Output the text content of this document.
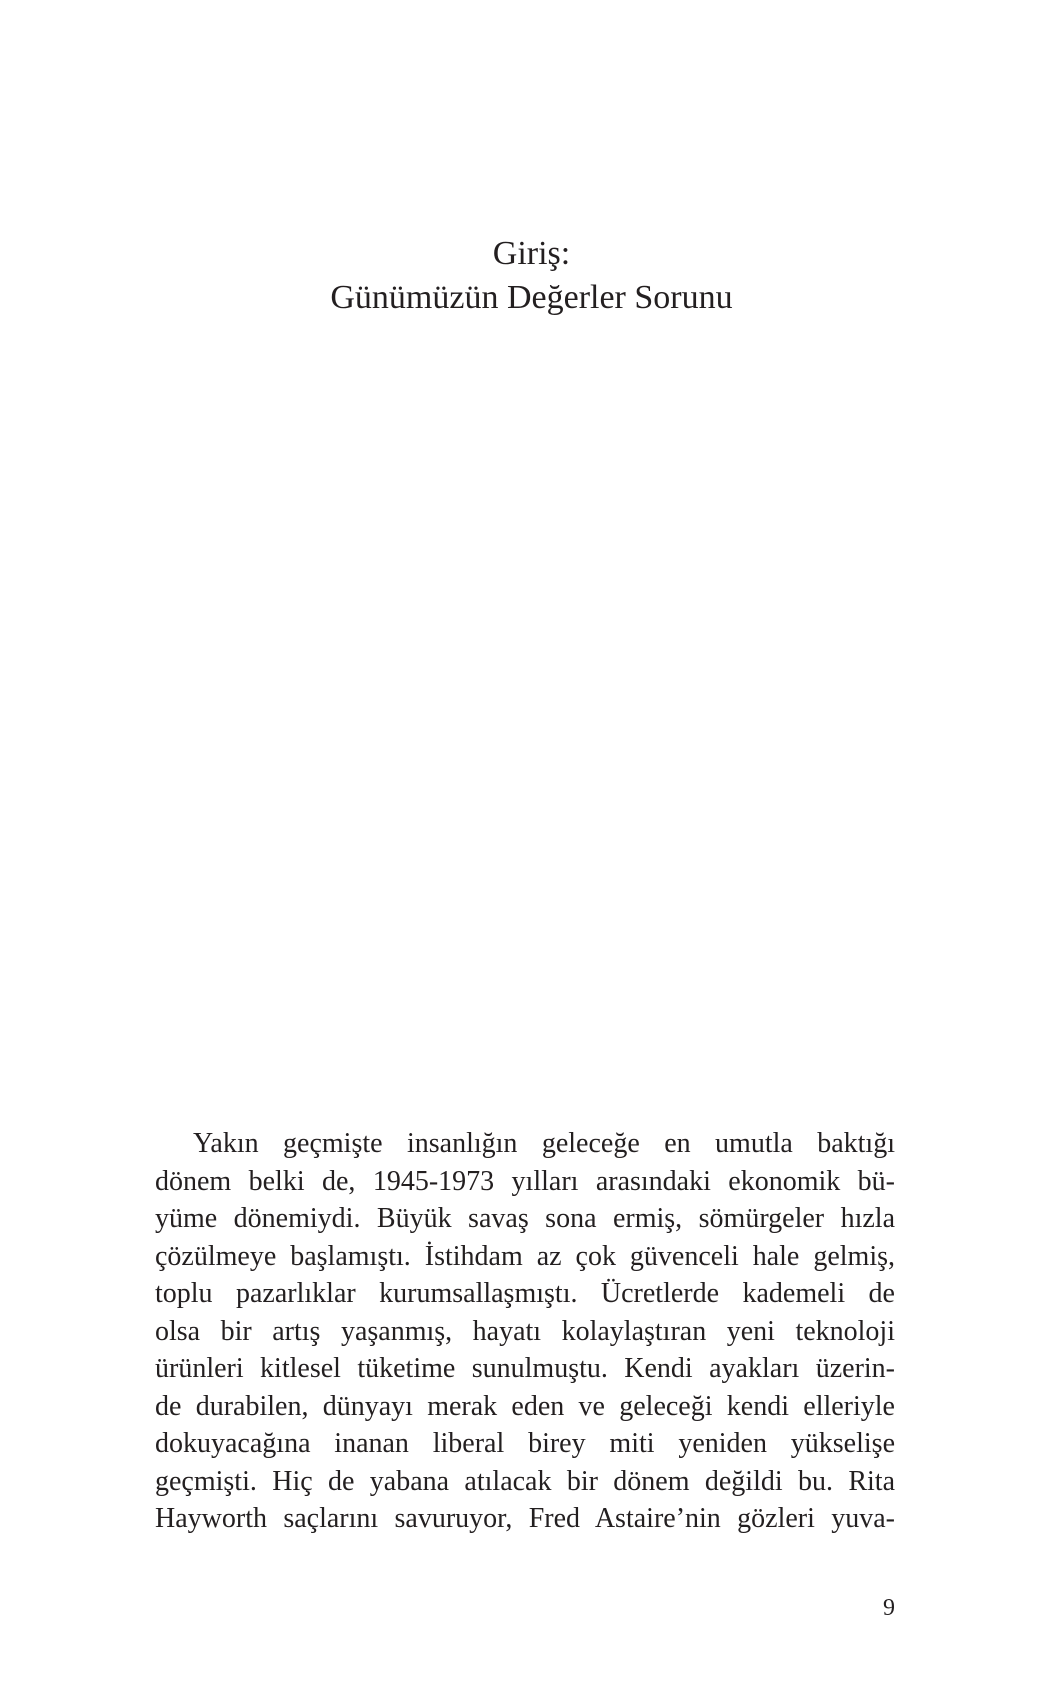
Giriş:
Günümüzün Değerler Sorunu
Yakın geçmişte insanlığın geleceğe en umutla baktığı
dönem belki de, 1945-1973 yılları arasındaki ekonomik bü-
yüme dönemiydi. Büyük savaş sona ermiş, sömürgeler hızla
çözülmeye başlamıştı. İstihdam az çok güvenceli hale gelmiş,
toplu pazarlıklar kurumsallaşmıştı. Ücretlerde kademeli de
olsa bir artış yaşanmış, hayatı kolaylaştıran yeni teknoloji
ürünleri kitlesel tüketime sunulmuştu. Kendi ayakları üzerin-
de durabilen, dünyayı merak eden ve geleceği kendi elleriyle
dokuyacağına inanan liberal birey miti yeniden yükselişe
geçmişti. Hiç de yabana atılacak bir dönem değildi bu. Rita
Hayworth saçlarını savuruyor, Fred Astaire’nin gözleri yuva-
9
